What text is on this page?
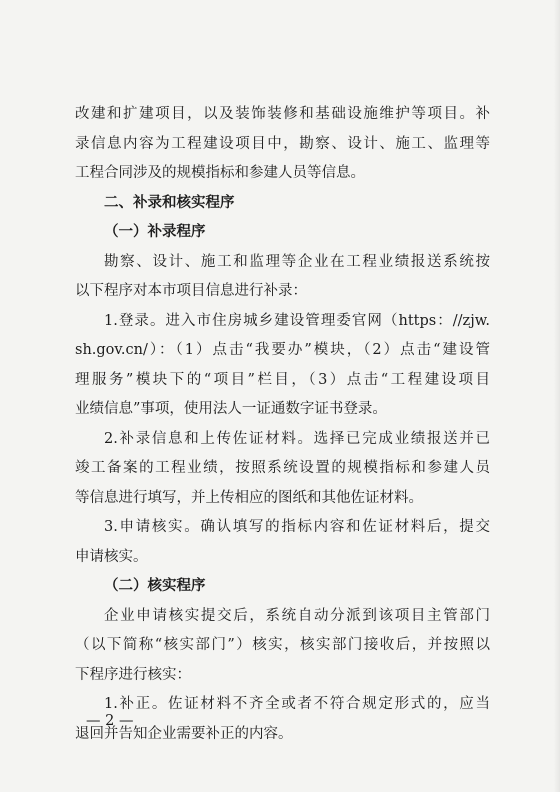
改建和扩建项目，以及装饰装修和基础设施维护等项目。补
录信息内容为工程建设项目中，勘察、设计、施工、监理等
工程合同涉及的规模指标和参建人员等信息。
二、补录和核实程序
（一）补录程序
勘察、设计、施工和监理等企业在工程业绩报送系统按
以下程序对本市项目信息进行补录：
1.登录。进入市住房城乡建设管理委官网（https：//zjw.
sh.gov.cn/）：（1）点击“我要办”模块，（2）点击“建设管
理服务”模块下的“项目”栏目，（3）点击“工程建设项目
业绩信息”事项，使用法人一证通数字证书登录。
2.补录信息和上传佐证材料。选择已完成业绩报送并已
竣工备案的工程业绩，按照系统设置的规模指标和参建人员
等信息进行填写，并上传相应的图纸和其他佐证材料。
3.申请核实。确认填写的指标内容和佐证材料后，提交
申请核实。
（二）核实程序
企业申请核实提交后，系统自动分派到该项目主管部门
（以下简称“核实部门”）核实，核实部门接收后，并按照以
下程序进行核实：
1.补正。佐证材料不齐全或者不符合规定形式的，应当
退回并告知企业需要补正的内容。
— 2 —
